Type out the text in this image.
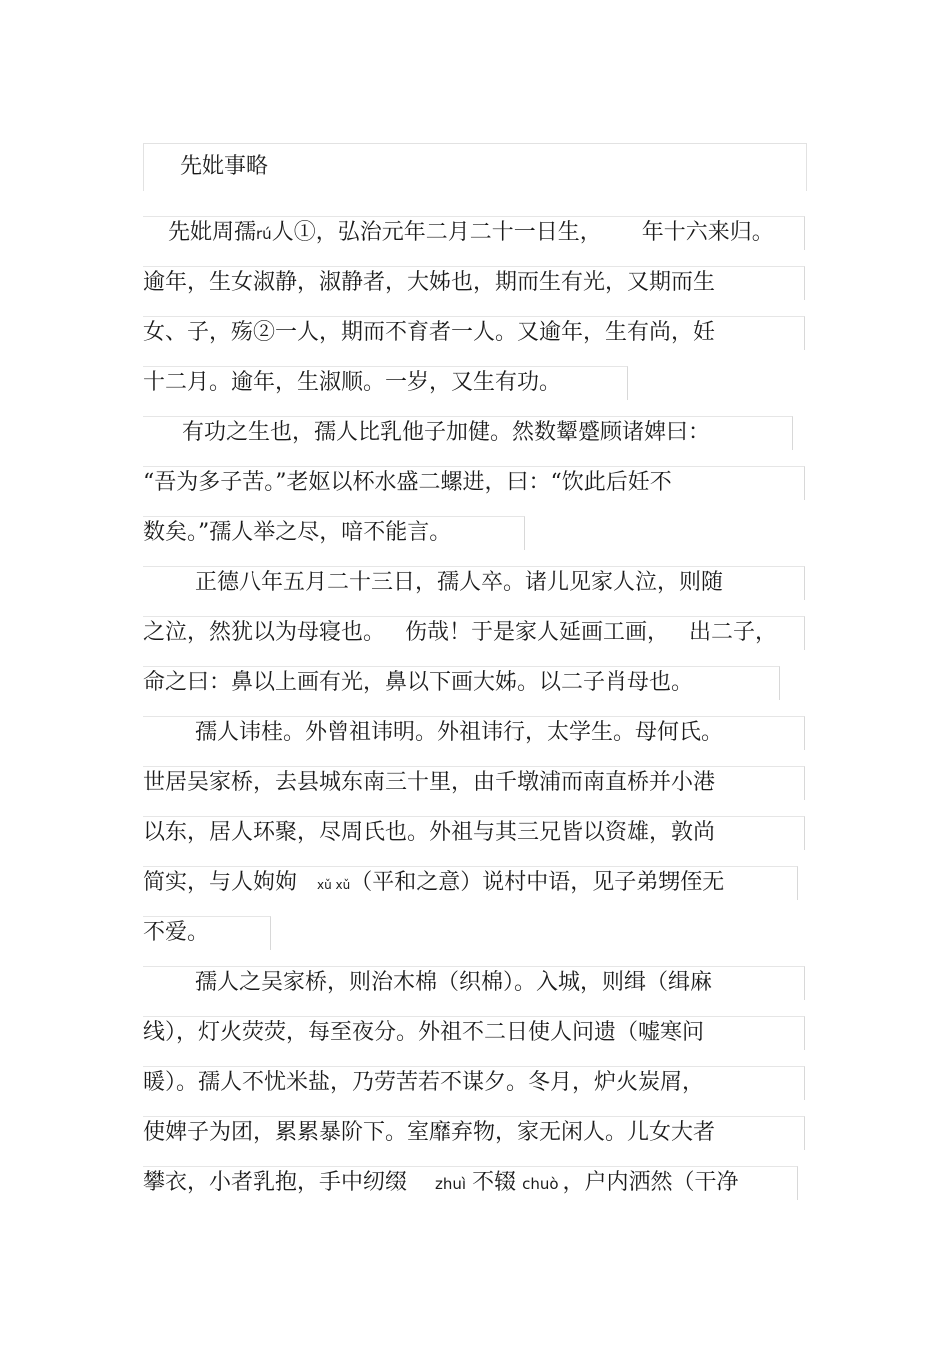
先妣事略
先妣周孺rú人①，弘治元年二月二十一日生， 年十六来归。
逾年，生女淑静，淑静者，大姊也，期而生有光，又期而生
女、子，殇②一人，期而不育者一人。又逾年，生有尚，妊
十二月。逾年，生淑顺。一岁，又生有功。
有功之生也，孺人比乳他子加健。然数颦蹙顾诸婢曰：
“吾为多子苦。”老妪以杯水盛二螺进，曰：“饮此后妊不
数矣。”孺人举之尽，喑不能言。
正德八年五月二十三日，孺人卒。诸儿见家人泣，则随
之泣，然犹以为母寝也。 伤哉！于是家人延画工画， 出二子，
命之曰：鼻以上画有光，鼻以下画大姊。以二子肖母也。
孺人讳桂。外曾祖讳明。外祖讳行，太学生。母何氏。
世居吴家桥，去县城东南三十里，由千墩浦而南直桥并小港
以东，居人环聚，尽周氏也。外祖与其三兄皆以资雄，敦尚
简实，与人姁姁 xǔ xǔ（平和之意）说村中语，见子弟甥侄无
不爱。
孺人之吴家桥，则治木棉（织棉）。入城，则缉（缉麻
线），灯火荧荧，每至夜分。外祖不二日使人问遗（嘘寒问
暖）。孺人不忧米盐，乃劳苦若不谋夕。冬月，炉火炭屑，
使婢子为团，累累暴阶下。室靡弃物，家无闲人。儿女大者
攀衣，小者乳抱，手中纫缀 zhuì 不辍 chuò ，户内洒然（干净
